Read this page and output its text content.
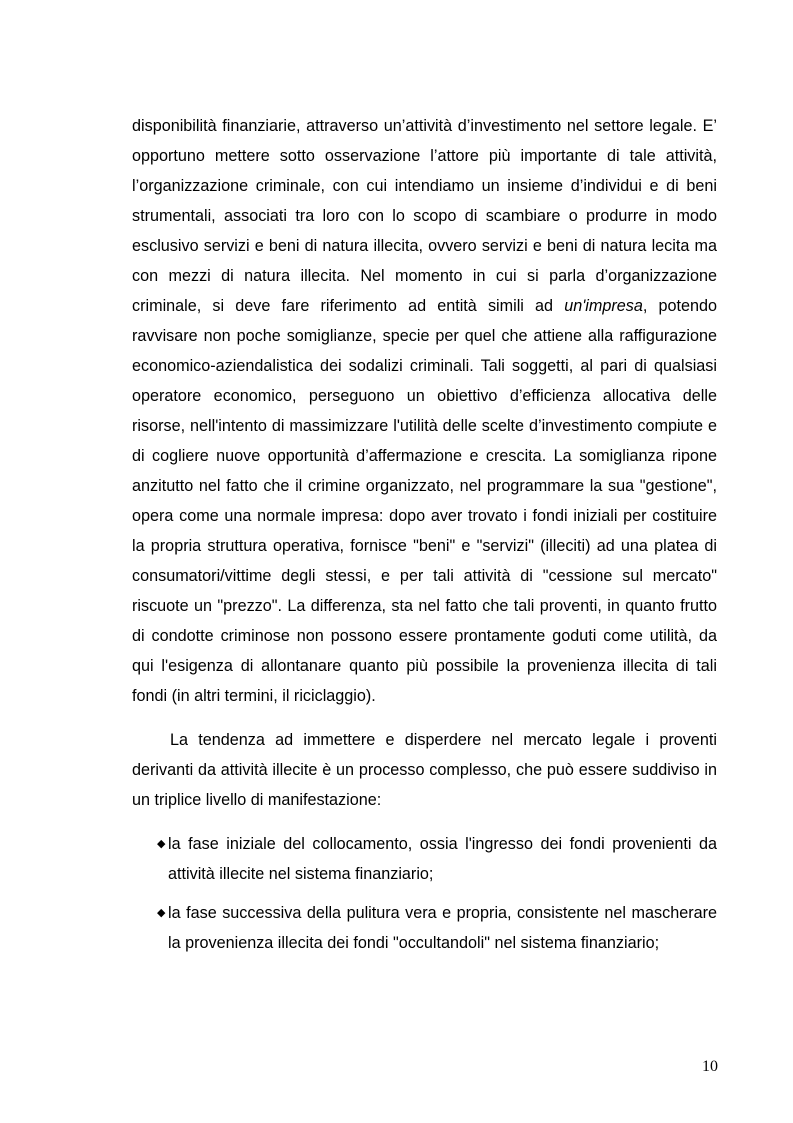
disponibilità finanziarie, attraverso un’attività d’investimento nel settore legale. E’ opportuno mettere sotto osservazione l’attore più importante di tale attività, l’organizzazione criminale, con cui intendiamo un insieme d’individui e di beni strumentali, associati tra loro con lo scopo di scambiare o produrre in modo esclusivo servizi e beni di natura illecita, ovvero servizi e beni di natura lecita ma con mezzi di natura illecita. Nel momento in cui si parla d’organizzazione criminale, si deve fare riferimento ad entità simili ad un'impresa, potendo ravvisare non poche somiglianze, specie per quel che attiene alla raffigurazione economico-aziendalistica dei sodalizi criminali. Tali soggetti, al pari di qualsiasi operatore economico, perseguono un obiettivo d’efficienza allocativa delle risorse, nell'intento di massimizzare l'utilità delle scelte d’investimento compiute e di cogliere nuove opportunità d’affermazione e crescita. La somiglianza ripone anzitutto nel fatto che il crimine organizzato, nel programmare la sua "gestione", opera come una normale impresa: dopo aver trovato i fondi iniziali per costituire la propria struttura operativa, fornisce "beni" e "servizi" (illeciti) ad una platea di consumatori/vittime degli stessi, e per tali attività di "cessione sul mercato" riscuote un "prezzo". La differenza, sta nel fatto che tali proventi, in quanto frutto di condotte criminose non possono essere prontamente goduti come utilità, da qui l'esigenza di allontanare quanto più possibile la provenienza illecita di tali fondi (in altri termini, il riciclaggio).

La tendenza ad immettere e disperdere nel mercato legale i proventi derivanti da attività illecite è un processo complesso, che può essere suddiviso in un triplice livello di manifestazione:

◆ la fase iniziale del collocamento, ossia l'ingresso dei fondi provenienti da attività illecite nel sistema finanziario;
◆ la fase successiva della pulitura vera e propria, consistente nel mascherare la provenienza illecita dei fondi "occultandoli" nel sistema finanziario;
10
